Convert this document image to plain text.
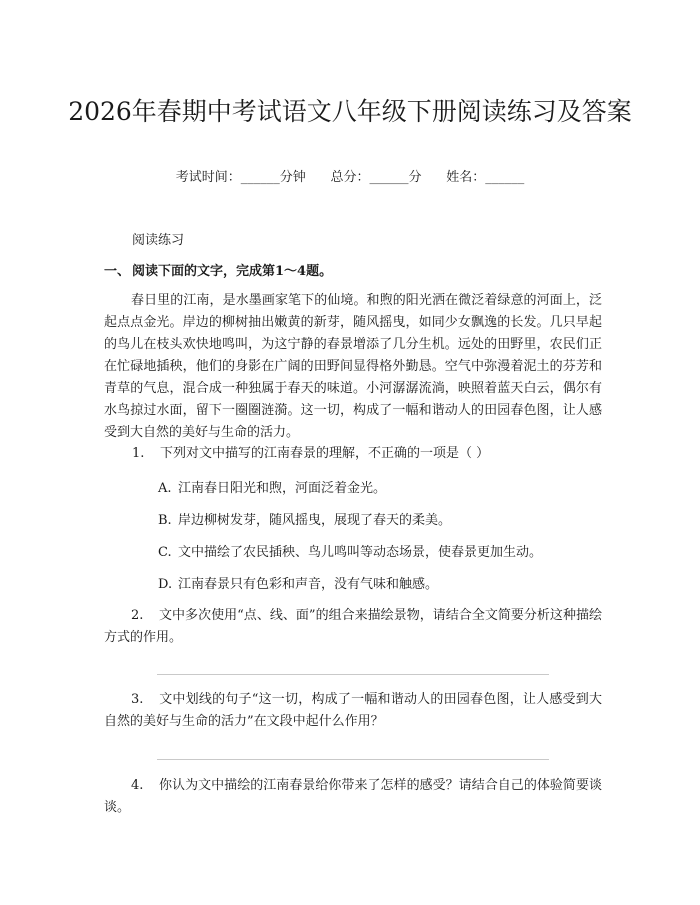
2026年春期中考试语文八年级下册阅读练习及答案
考试时间：______分钟      总分：______分      姓名：______
阅读练习
一、 阅读下面的文字，完成第1～4题。

春日里的江南，是水墨画家笔下的仙境。和煦的阳光洒在微泛着绿意的河面上，泛起点点金光。岸边的柳树抽出嫩黄的新芽，随风摇曳，如同少女飘逸的长发。几只早起的鸟儿在枝头欢快地鸣叫，为这宁静的春景增添了几分生机。远处的田野里，农民们正在忙碌地插秧，他们的身影在广阔的田野间显得格外勤恳。空气中弥漫着泥土的芬芳和青草的气息，混合成一种独属于春天的味道。小河潺潺流淌，映照着蓝天白云，偶尔有水鸟掠过水面，留下一圈圈涟漪。这一切，构成了一幅和谐动人的田园春色图，让人感受到大自然的美好与生命的活力。

1. 下列对文中描写的江南春景的理解，不正确的一项是（ ）

A. 江南春日阳光和煦，河面泛着金光。

B. 岸边柳树发芽，随风摇曳，展现了春天的柔美。

C. 文中描绘了农民插秧、鸟儿鸣叫等动态场景，使春景更加生动。

D. 江南春景只有色彩和声音，没有气味和触感。

2. 文中多次使用“点、线、面”的组合来描绘景物，请结合全文简要分析这种描绘方式的作用。

3. 文中划线的句子“这一切，构成了一幅和谐动人的田园春色图，让人感受到大自然的美好与生命的活力”在文段中起什么作用？

4. 你认为文中描绘的江南春景给你带来了怎样的感受？请结合自己的体验简要谈谈。
